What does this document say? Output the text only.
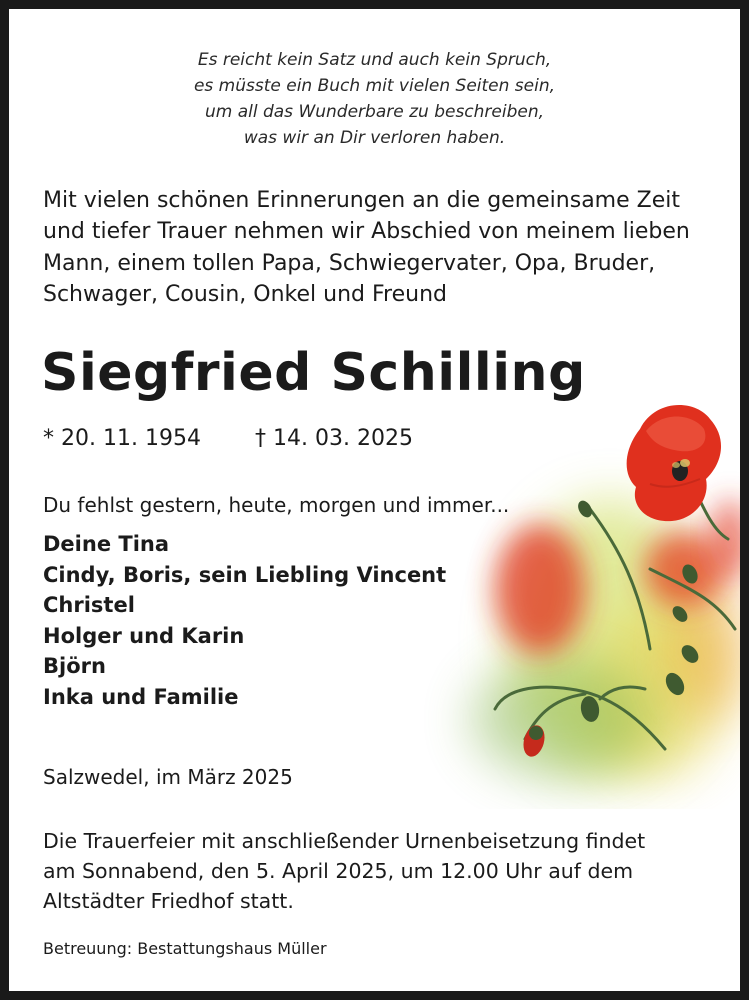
Es reicht kein Satz und auch kein Spruch,
es müsste ein Buch mit vielen Seiten sein,
um all das Wunderbare zu beschreiben,
was wir an Dir verloren haben.
Mit vielen schönen Erinnerungen an die gemeinsame Zeit
und tiefer Trauer nehmen wir Abschied von meinem lieben
Mann, einem tollen Papa, Schwiegervater, Opa, Bruder,
Schwager, Cousin, Onkel und Freund
Siegfried Schilling
* 20. 11. 1954 † 14. 03. 2025
Du fehlst gestern, heute, morgen und immer...
Deine Tina
Cindy, Boris, sein Liebling Vincent
Christel
Holger und Karin
Björn
Inka und Familie
Salzwedel, im März 2025
Die Trauerfeier mit anschließender Urnenbeisetzung findet
am Sonnabend, den 5. April 2025, um 12.00 Uhr auf dem
Altstädter Friedhof statt.
Betreuung: Bestattungshaus Müller
